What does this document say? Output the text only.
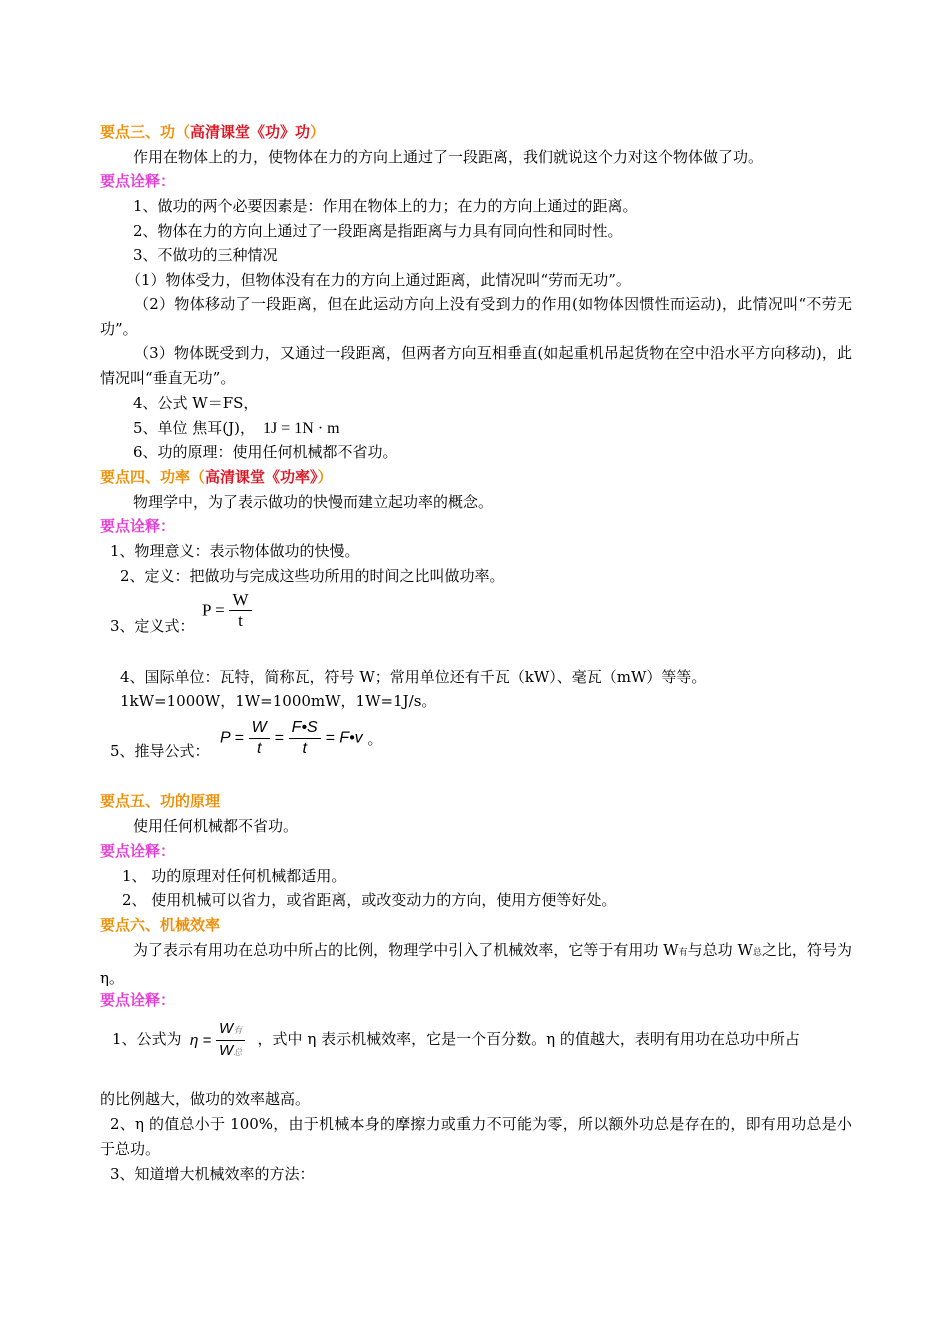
要点三、功（高清课堂《功》功）
作用在物体上的力，使物体在力的方向上通过了一段距离，我们就说这个力对这个物体做了功。
要点诠释：
1、做功的两个必要因素是：作用在物体上的力；在力的方向上通过的距离。
2、物体在力的方向上通过了一段距离是指距离与力具有同向性和同时性。
3、不做功的三种情况
（1）物体受力，但物体没有在力的方向上通过距离，此情况叫“劳而无功”。
（2）物体移动了一段距离，但在此运动方向上没有受到力的作用(如物体因惯性而运动)，此情况叫“不劳无功”。
（3）物体既受到力，又通过一段距离，但两者方向互相垂直(如起重机吊起货物在空中沿水平方向移动)，此情况叫“垂直无功”。
4、公式 W＝FS，
5、单位 焦耳(J)， 1J = 1N · m
6、功的原理：使用任何机械都不省功。
要点四、功率（高清课堂《功率》）
物理学中，为了表示做功的快慢而建立起功率的概念。
要点诠释：
1、物理意义：表示物体做功的快慢。
2、定义：把做功与完成这些功所用的时间之比叫做功率。
3、定义式：
$P = \frac{W}{t}$
4、国际单位：瓦特，简称瓦，符号 W；常用单位还有千瓦（kW）、毫瓦（mW）等等。
1kW=1000W，1W=1000mW，1W=1J/s。
5、推导公式：
$P = \frac{W}{t} = \frac{F•S}{t}$ = F•v 。
要点五、功的原理
使用任何机械都不省功。
要点诠释：
1、 功的原理对任何机械都适用。
2、 使用机械可以省力，或省距离，或改变动力的方向，使用方便等好处。
要点六、机械效率
为了表示有用功在总功中所占的比例，物理学中引入了机械效率，它等于有用功 W有与总功 W总之比，符号为 η。
要点诠释：
1、公式为	，式中 η 表示机械效率，它是一个百分数。η 的值越大，表明有用功在总功中所占
$\eta = \frac{\text{W有}}{\text{W总}}$
的比例越大，做功的效率越高。
2、η 的值总小于 100%，由于机械本身的摩擦力或重力不可能为零，所以额外功总是存在的，即有用功总是小于总功。
3、知道增大机械效率的方法：
